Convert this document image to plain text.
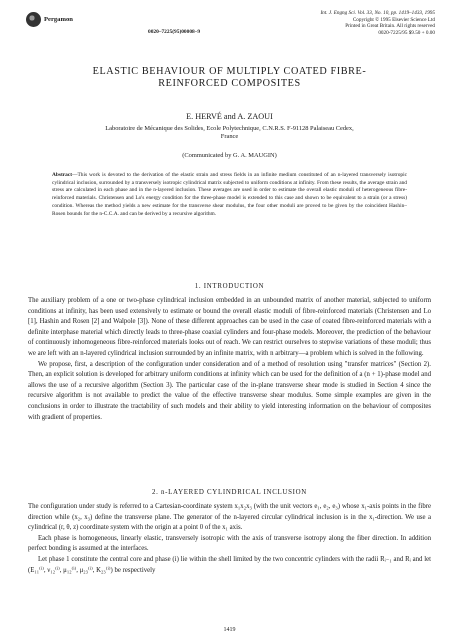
Pergamon
Int. J. Engng Sci. Vol. 33, No. 10, pp. 1419–1433, 1995
Copyright © 1995 Elsevier Science Ltd
Printed in Great Britain. All rights reserved
0020-7225/95 $9.50 + 0.00
0020–7225(95)00008–9
ELASTIC BEHAVIOUR OF MULTIPLY COATED FIBRE-
REINFORCED COMPOSITES
E. HERVÉ and A. ZAOUI
Laboratoire de Mécanique des Solides, Ecole Polytechnique, C.N.R.S. F-91128 Palaiseau Cedex,
France
(Communicated by G. A. MAUGIN)
Abstract—This work is devoted to the derivation of the elastic strain and stress fields in an infinite medium constituted of an n-layered transversely isotropic cylindrical inclusion, surrounded by a transversely isotropic cylindrical matrix subjected to uniform conditions at infinity. From these results, the average strain and stress are calculated in each phase and in the n-layered inclusion. These averages are used in order to estimate the overall elastic moduli of heterogeneous fibre-reinforced materials. Christensen and Lo's energy condition for the three-phase model is extended to this case and shown to be equivalent to a strain (or a stress) condition. Whereas the method yields a new estimate for the transverse shear modulus, the four other moduli are proved to be given by the coincident Hashin–Rosen bounds for the n-C.C.A. and can be derived by a recursive algorithm.
1. INTRODUCTION

The auxiliary problem of a one or two-phase cylindrical inclusion embedded in an unbounded matrix of another material, subjected to uniform conditions at infinity, has been used extensively to estimate or bound the overall elastic moduli of fibre-reinforced materials (Christensen and Lo [1], Hashin and Rosen [2] and Walpole [3]). None of these different approaches can be used in the case of coated fibre-reinforced materials with a definite interphase material which directly leads to three-phase coaxial cylinders and four-phase models. Moreover, the prediction of the behaviour of continuously inhomogeneous fibre-reinforced materials looks out of reach. We can restrict ourselves to stepwise variations of these moduli; thus we are left with an n-layered cylindrical inclusion surrounded by an infinite matrix, with n arbitrary—a problem which is solved in the following.

We propose, first, a description of the configuration under consideration and of a method of resolution using "transfer matrices" (Section 2). Then, an explicit solution is developed for arbitrary uniform conditions at infinity which can be used for the definition of a (n + 1)-phase model and allows the use of a recursive algorithm (Section 3). The particular case of the in-plane transverse shear mode is studied in Section 4 since the recursive algorithm is not available to predict the value of the effective transverse shear modulus. Some simple examples are given in the conclusions in order to illustrate the tractability of such models and their ability to yield interesting information on the behaviour of composites with gradient of properties.

2. n-LAYERED CYLINDRICAL INCLUSION

The configuration under study is referred to a Cartesian-coordinate system x₁x₂x₃ (with the unit vectors e₁, e₂, e₃) whose x₁-axis points in the fibre direction while (x₂, x₃) define the transverse plane. The generator of the n-layered circular cylindrical inclusion is in the x₁-direction. We use a cylindrical (r, θ, z) coordinate system with the origin at a point 0 of the x₁ axis.

Each phase is homogeneous, linearly elastic, transversely isotropic with the axis of transverse isotropy along the fiber direction. In addition perfect bonding is assumed at the interfaces.

Let phase 1 constitute the central core and phase (i) lie within the shell limited by the two concentric cylinders with the radii Rᵢ₋₁ and Rᵢ and let (E₁₁⁽ⁱ⁾, ν₁₂⁽ⁱ⁾, μ₁₂⁽ⁱ⁾, μ₂₃⁽ⁱ⁾, K₂₃⁽ⁱ⁾) be respectively

1419
